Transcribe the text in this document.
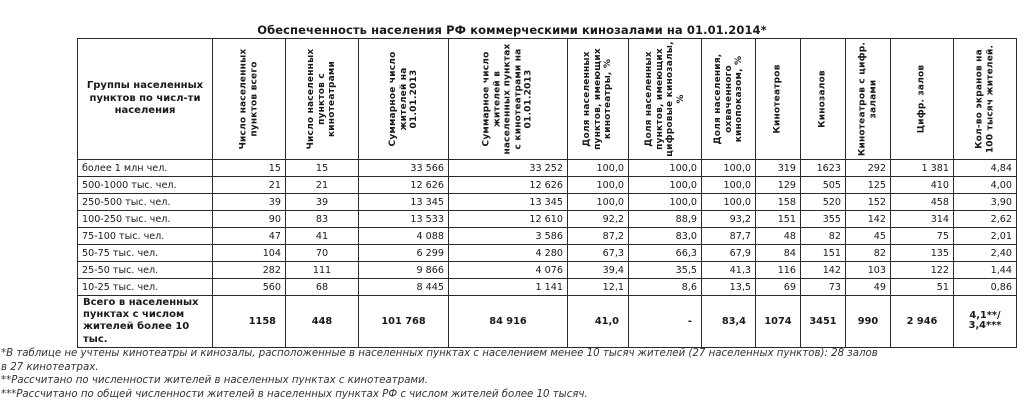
Обеспеченность населения РФ коммерческими кинозалами на 01.01.2014*
Группы населенных пунктов по числ-ти населения	Число населенных пунктов всего	Число населенных пунктов с кинотеатрами	Суммарное число жителей на 01.01.2013	Суммарное число жителей в населенных пунктах с кинотеатрами на 01.01.2013	Доля населенных пунктов, имеющих кинотеатры, %	Доля населенных пунктов, имеющих цифровые кинозалы, %	Доля населения, охваченного кинопоказом, %	Кинотеатров	Кинозалов	Кинотеатров с цифр. залами	Цифр. залов	Кол-во экранов на 100 тысяч жителей.

более 1 млн чел.	15	15	33 566	33 252	100,0	100,0	100,0	319	1623	292	1 381	4,84
500-1000 тыс. чел.	21	21	12 626	12 626	100,0	100,0	100,0	129	505	125	410	4,00
250-500 тыс. чел.	39	39	13 345	13 345	100,0	100,0	100,0	158	520	152	458	3,90
100-250 тыс. чел.	90	83	13 533	12 610	92,2	88,9	93,2	151	355	142	314	2,62
75-100 тыс. чел.	47	41	4 088	3 586	87,2	83,0	87,7	48	82	45	75	2,01
50-75 тыс. чел.	104	70	6 299	4 280	67,3	66,3	67,9	84	151	82	135	2,40
25-50 тыс. чел.	282	111	9 866	4 076	39,4	35,5	41,3	116	142	103	122	1,44
10-25 тыс. чел.	560	68	8 445	1 141	12,1	8,6	13,5	69	73	49	51	0,86
Всего в населенных пунктах с числом жителей более 10 тыс.	1158	448	101 768	84 916	41,0	-	83,4	1074	3451	990	2 946	4,1**/
3,4***
*В таблице не учтены кинотеатры и кинозалы, расположенные в населенных пунктах с населением менее 10 тысяч жителей (27 населенных пунктов): 28 залов
в 27 кинотеатрах.
**Рассчитано по численности жителей в населенных пунктах с кинотеатрами.
***Рассчитано по общей численности жителей в населенных пунктах РФ с числом жителей более 10 тысяч.
